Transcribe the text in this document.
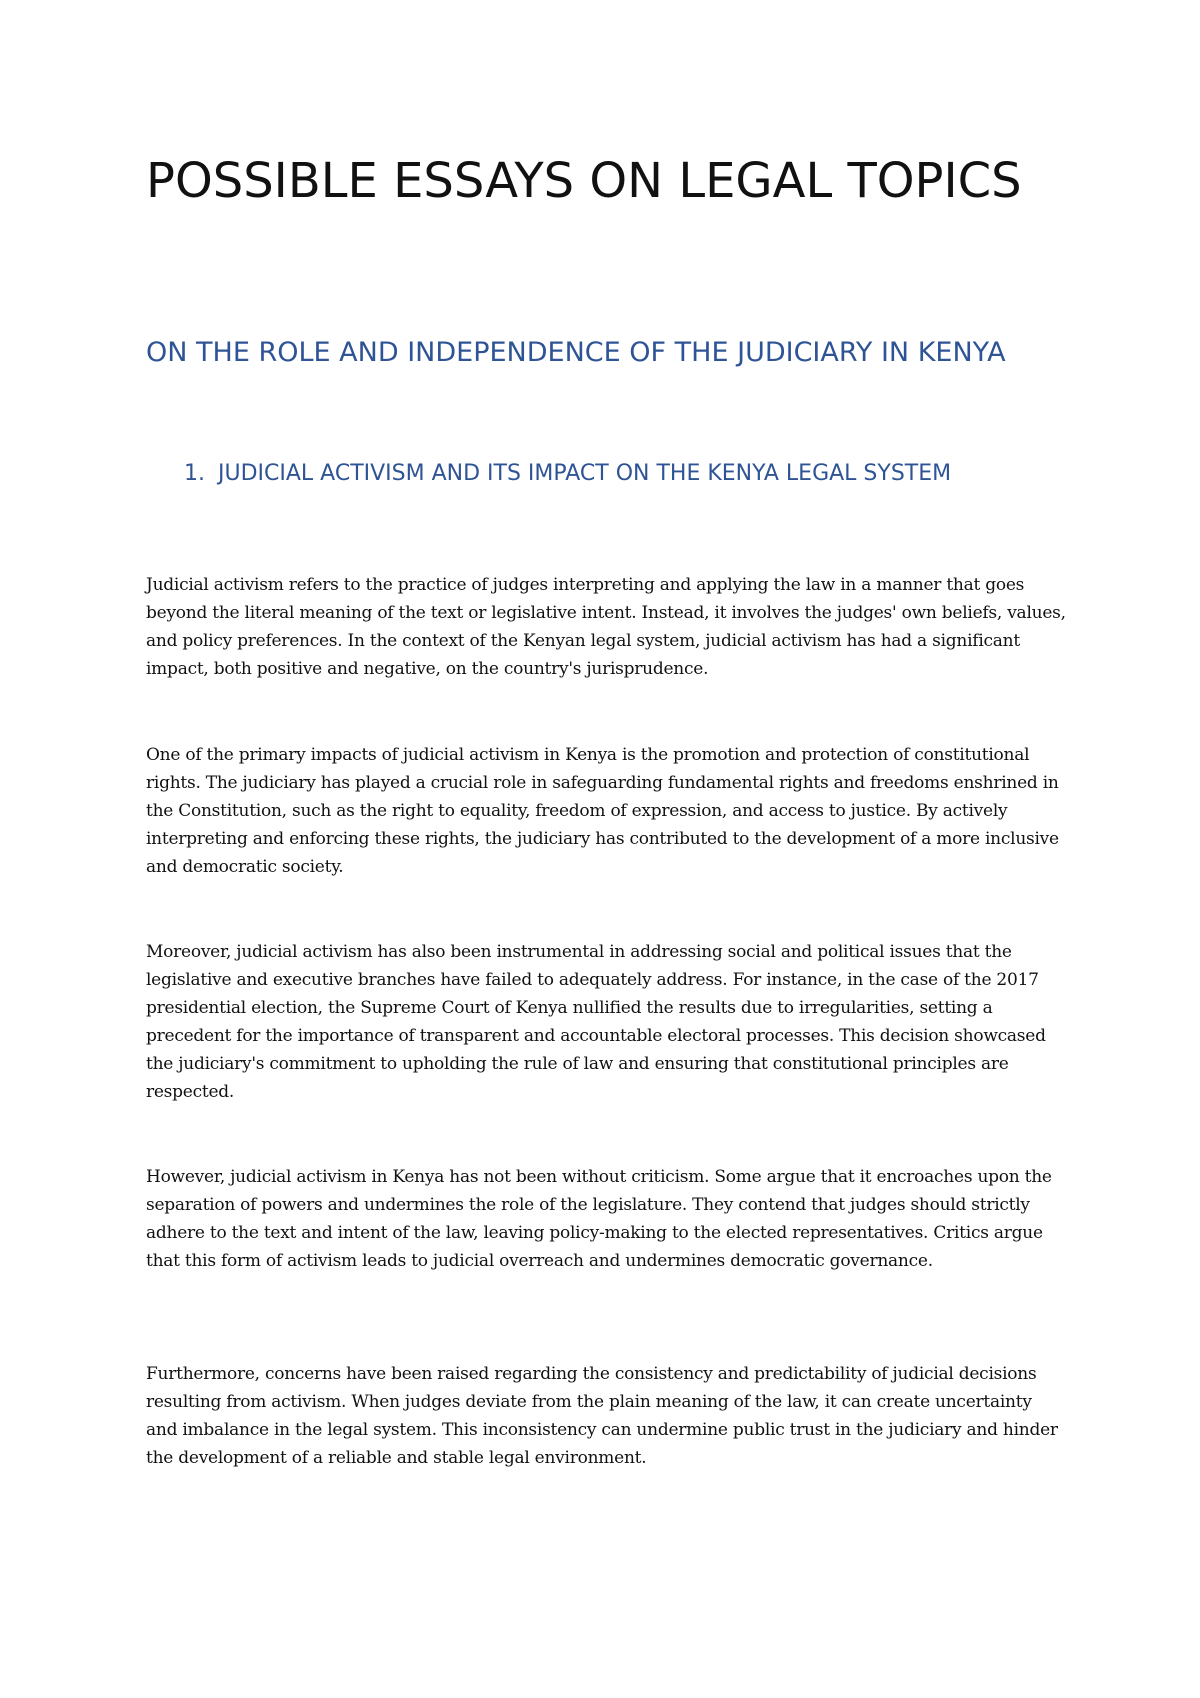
POSSIBLE ESSAYS ON LEGAL TOPICS
ON THE ROLE AND INDEPENDENCE OF THE JUDICIARY IN KENYA
1. JUDICIAL ACTIVISM AND ITS IMPACT ON THE KENYA LEGAL SYSTEM

Judicial activism refers to the practice of judges interpreting and applying the law in a manner that goes beyond the literal meaning of the text or legislative intent. Instead, it involves the judges' own beliefs, values, and policy preferences. In the context of the Kenyan legal system, judicial activism has had a significant impact, both positive and negative, on the country's jurisprudence.

One of the primary impacts of judicial activism in Kenya is the promotion and protection of constitutional rights. The judiciary has played a crucial role in safeguarding fundamental rights and freedoms enshrined in the Constitution, such as the right to equality, freedom of expression, and access to justice. By actively interpreting and enforcing these rights, the judiciary has contributed to the development of a more inclusive and democratic society.

Moreover, judicial activism has also been instrumental in addressing social and political issues that the legislative and executive branches have failed to adequately address. For instance, in the case of the 2017 presidential election, the Supreme Court of Kenya nullified the results due to irregularities, setting a precedent for the importance of transparent and accountable electoral processes. This decision showcased the judiciary's commitment to upholding the rule of law and ensuring that constitutional principles are respected.

However, judicial activism in Kenya has not been without criticism. Some argue that it encroaches upon the separation of powers and undermines the role of the legislature. They contend that judges should strictly adhere to the text and intent of the law, leaving policy-making to the elected representatives. Critics argue that this form of activism leads to judicial overreach and undermines democratic governance.

Furthermore, concerns have been raised regarding the consistency and predictability of judicial decisions resulting from activism. When judges deviate from the plain meaning of the law, it can create uncertainty and imbalance in the legal system. This inconsistency can undermine public trust in the judiciary and hinder the development of a reliable and stable legal environment.
